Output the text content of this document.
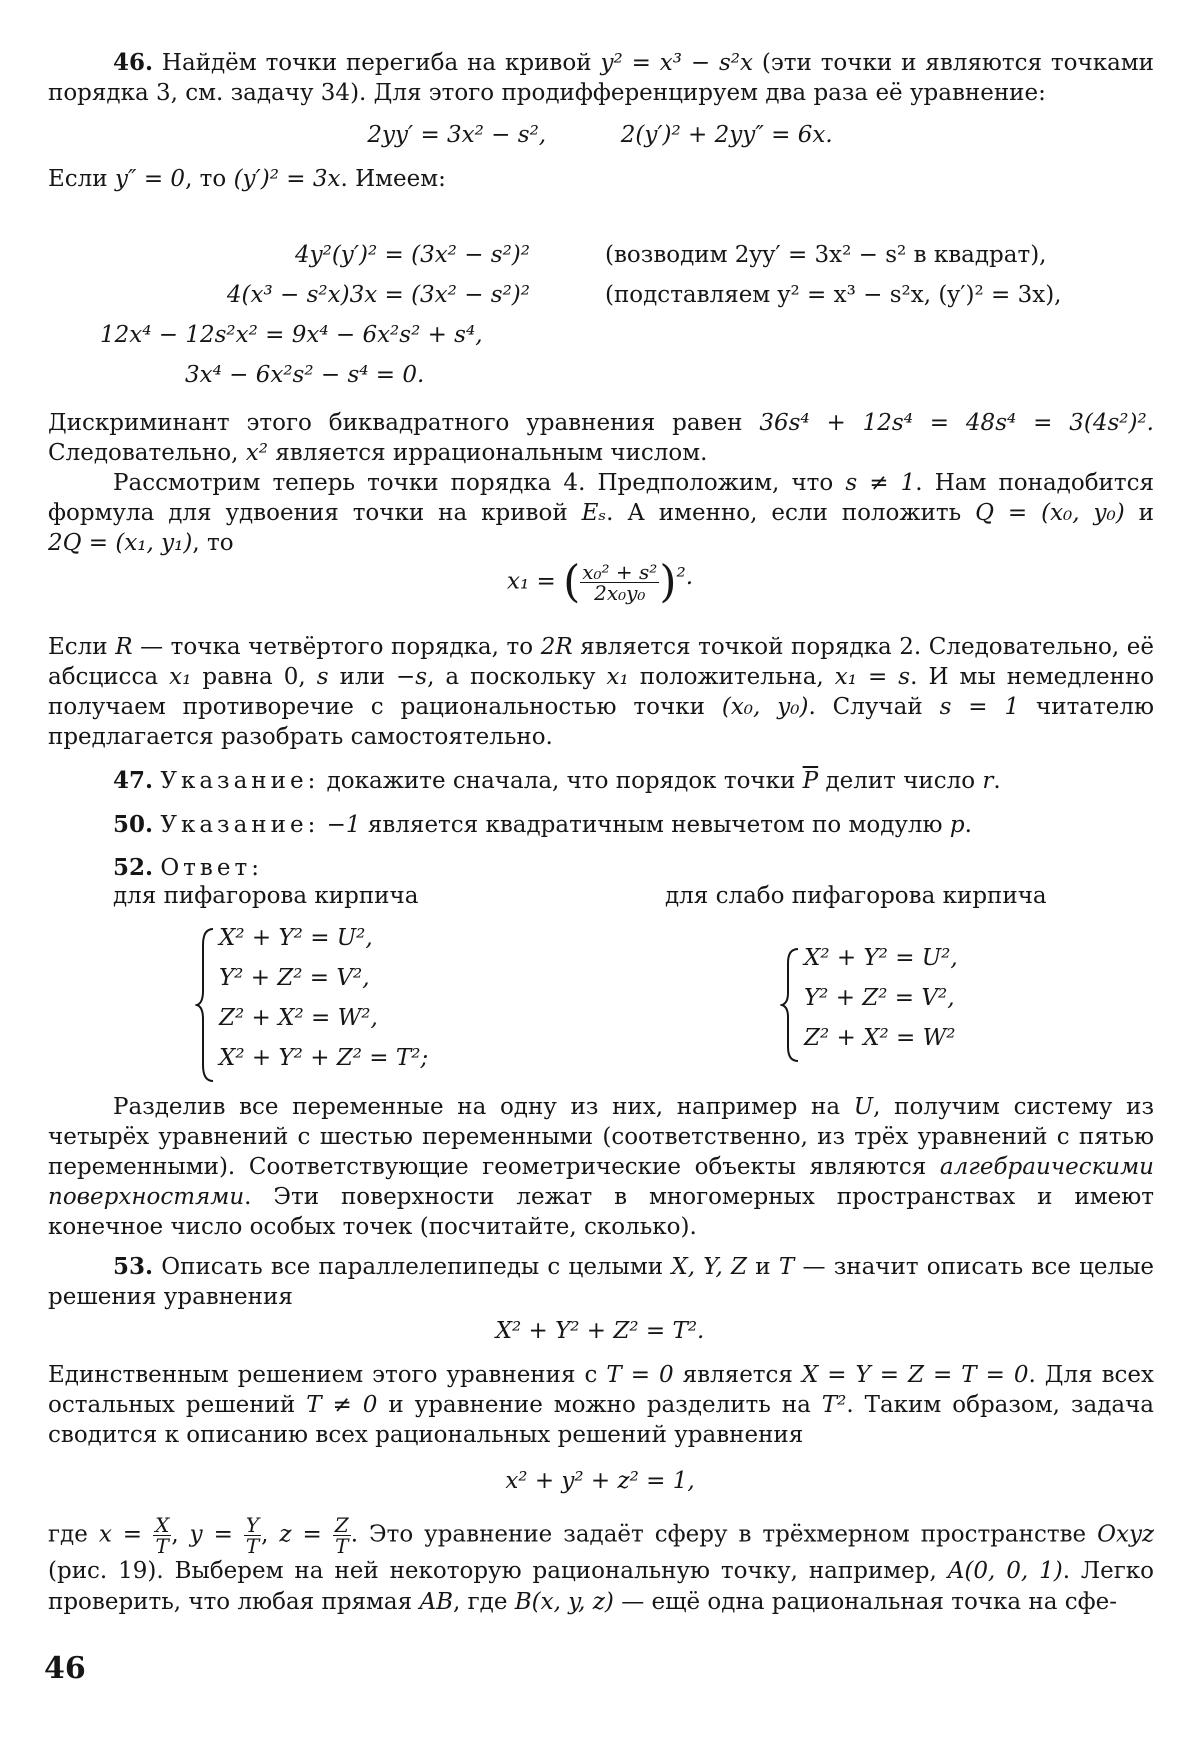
46. Найдём точки перегиба на кривой y² = x³ − s²x (эти точки и являются точками порядка 3, см. задачу 34). Для этого продифференцируем два раза её уравнение:

2yy′ = 3x² − s²,	2(y′)² + 2yy″ = 6x.

Если y″ = 0, то (y′)² = 3x. Имеем:

4y²(y′)² = (3x² − s²)²	(возводим 2yy′ = 3x² − s² в квадрат),
4(x³ − s²x)3x = (3x² − s²)²	(подставляем y² = x³ − s²x, (y′)² = 3x),
12x⁴ − 12s²x² = 9x⁴ − 6x²s² + s⁴,
3x⁴ − 6x²s² − s⁴ = 0.

Дискриминант этого биквадратного уравнения равен 36s⁴ + 12s⁴ = 48s⁴ = 3(4s²)². Следовательно, x² является иррациональным числом.

Рассмотрим теперь точки порядка 4. Предположим, что s ≠ 1. Нам понадобится формула для удвоения точки на кривой Eₛ. А именно, если положить Q = (x₀, y₀) и 2Q = (x₁, y₁), то

x₁ = ( $\frac{\text{x₀² + s²}}{\text{2x₀y₀}} )^2$.

Если R — точка четвёртого порядка, то 2R является точкой порядка 2. Следовательно, её абсцисса x₁ равна 0, s или −s, а поскольку x₁ положительна, x₁ = s. И мы немедленно получаем противоречие с рациональностью точки (x₀, y₀). Случай s = 1 читателю предлагается разобрать самостоятельно.

47. Указание: докажите сначала, что порядок точки $\overline{P}$ делит число r.

50. Указание: −1 является квадратичным невычетом по модулю p.

52. Ответ:

для пифагорова кирпича	для слабо пифагорова кирпича
X² + Y² = U²,
Y² + Z² = V²,
Z² + X² = W²,
X² + Y² + Z² = T²;
X² + Y² = U²,
Y² + Z² = V²,
Z² + X² = W²

Разделив все переменные на одну из них, например на U, получим систему из четырёх уравнений с шестью переменными (соответственно, из трёх уравнений с пятью переменными). Соответствующие геометрические объекты являются алгебраическими поверхностями. Эти поверхности лежат в многомерных пространствах и имеют конечное число особых точек (посчитайте, сколько).

53. Описать все параллелепипеды с целыми X, Y, Z и T — значит описать все целые решения уравнения

X² + Y² + Z² = T².

Единственным решением этого уравнения с T = 0 является X = Y = Z = T = 0. Для всех остальных решений T ≠ 0 и уравнение можно разделить на T². Таким образом, задача сводится к описанию всех рациональных решений уравнения

x² + y² + z² = 1,

где $x = \frac{X}{T}$ , $y = \frac{Y}{T}$ , $z = \frac{Z}{T}$ . Это уравнение задаёт сферу в трёхмерном пространстве Oxyz (рис. 19). Выберем на ней некоторую рациональную точку, например, A(0, 0, 1). Легко проверить, что любая прямая AB, где B(x, y, z) — ещё одна рациональная точка на сфе-

46
